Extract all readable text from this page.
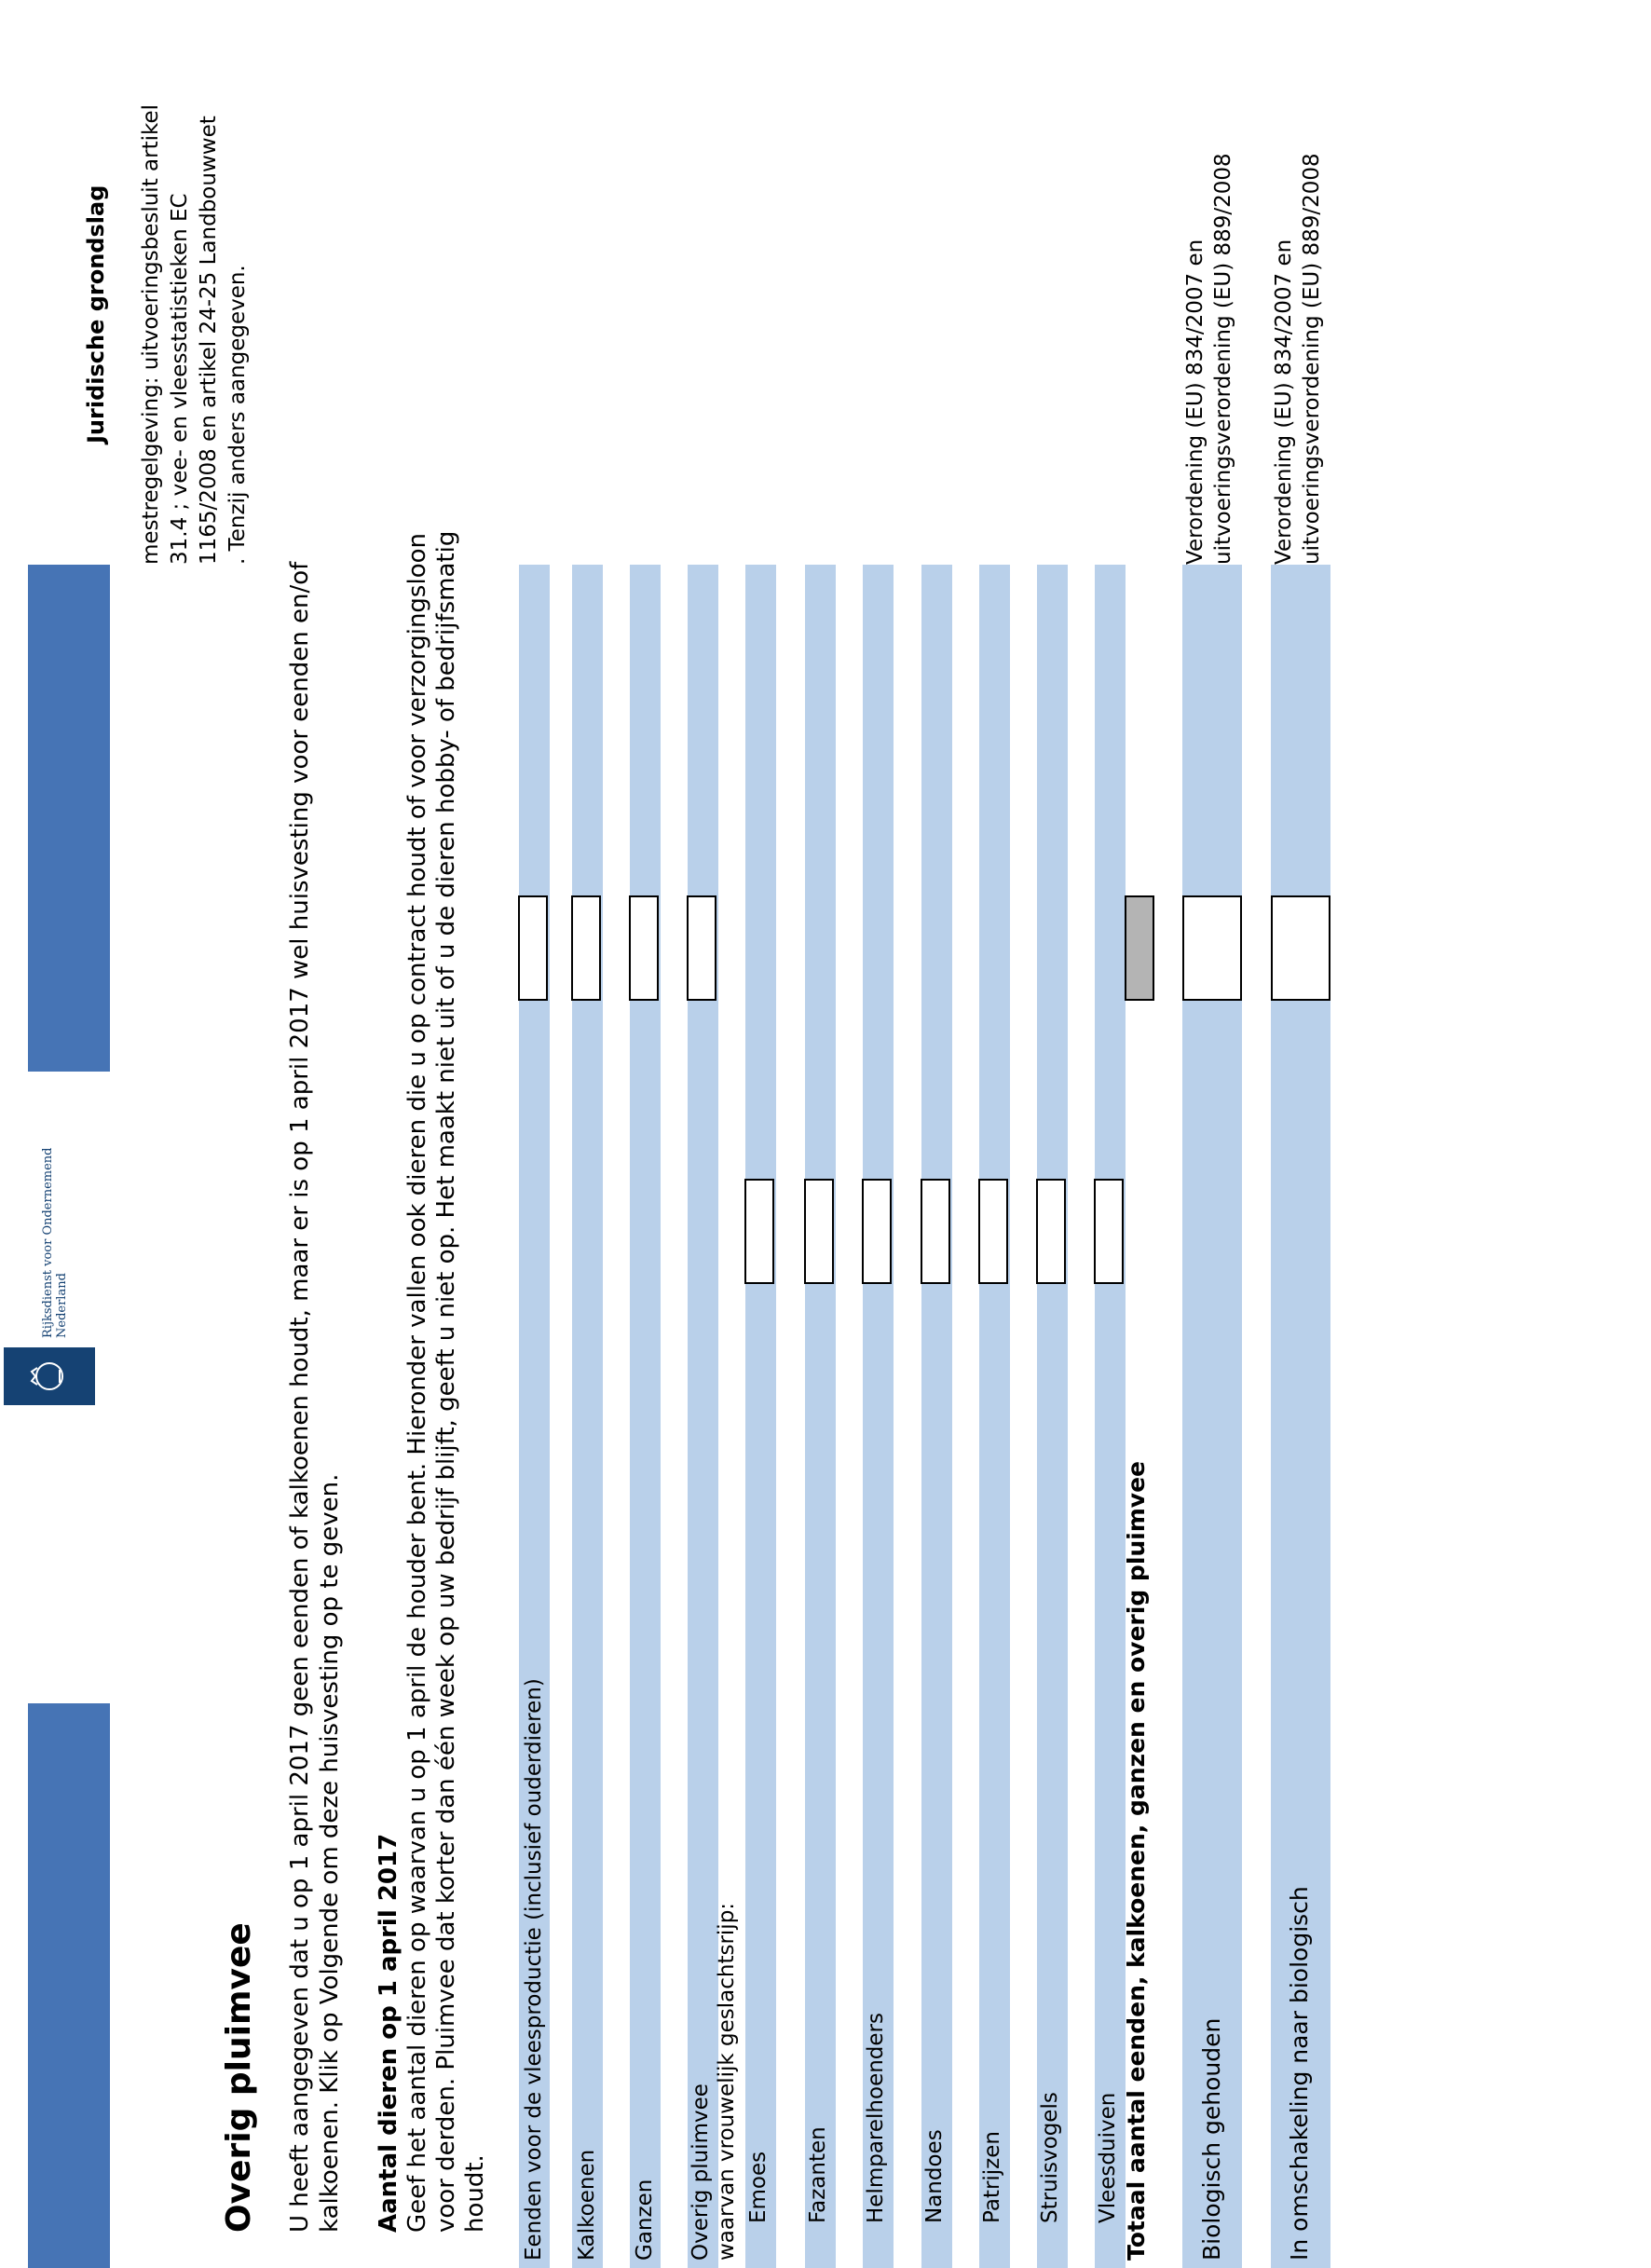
Rijksdienst voor Ondernemend Nederland
Overig pluimvee U heeft aangegeven dat u op 1 april 2017 geen eenden of kalkoenen houdt, maar er is op 1 april 2017 wel huisvesting voor eenden en/of kalkoenen. Klik op Volgende om deze huisvesting op te geven. Aantal dieren op 1 april 2017 Geef het aantal dieren op waarvan u op 1 april de houder bent. Hieronder vallen ook dieren die u op contract houdt of voor verzorgingsloon voor derden. Pluimvee dat korter dan één week op uw bedrijf blijft, geeft u niet op. Het maakt niet uit of u de dieren hobby- of bedrijfsmatig houdt. Eenden voor de vleesproductie (inclusief ouderdieren) Kalkoenen Ganzen Overig pluimvee waarvan vrouwelijk geslachtsrijp: Emoes Fazanten Helmparelhoenders Nandoes Patrijzen Struisvogels Vleesduiven Totaal aantal eenden, kalkoenen, ganzen en overig pluimvee Biologisch gehouden
Verordening (EU) 834/2007 en uitvoeringsverordening (EU) 889/2008
In omschakeling naar biologisch
Verordening (EU) 834/2007 en uitvoeringsverordening (EU) 889/2008
Juridische grondslag mestregelgeving: uitvoeringsbesluit artikel 31.4 ; vee- en vleesstatistieken EC 1165/2008 en artikel 24-25 Landbouwwet . Tenzij anders aangegeven.
